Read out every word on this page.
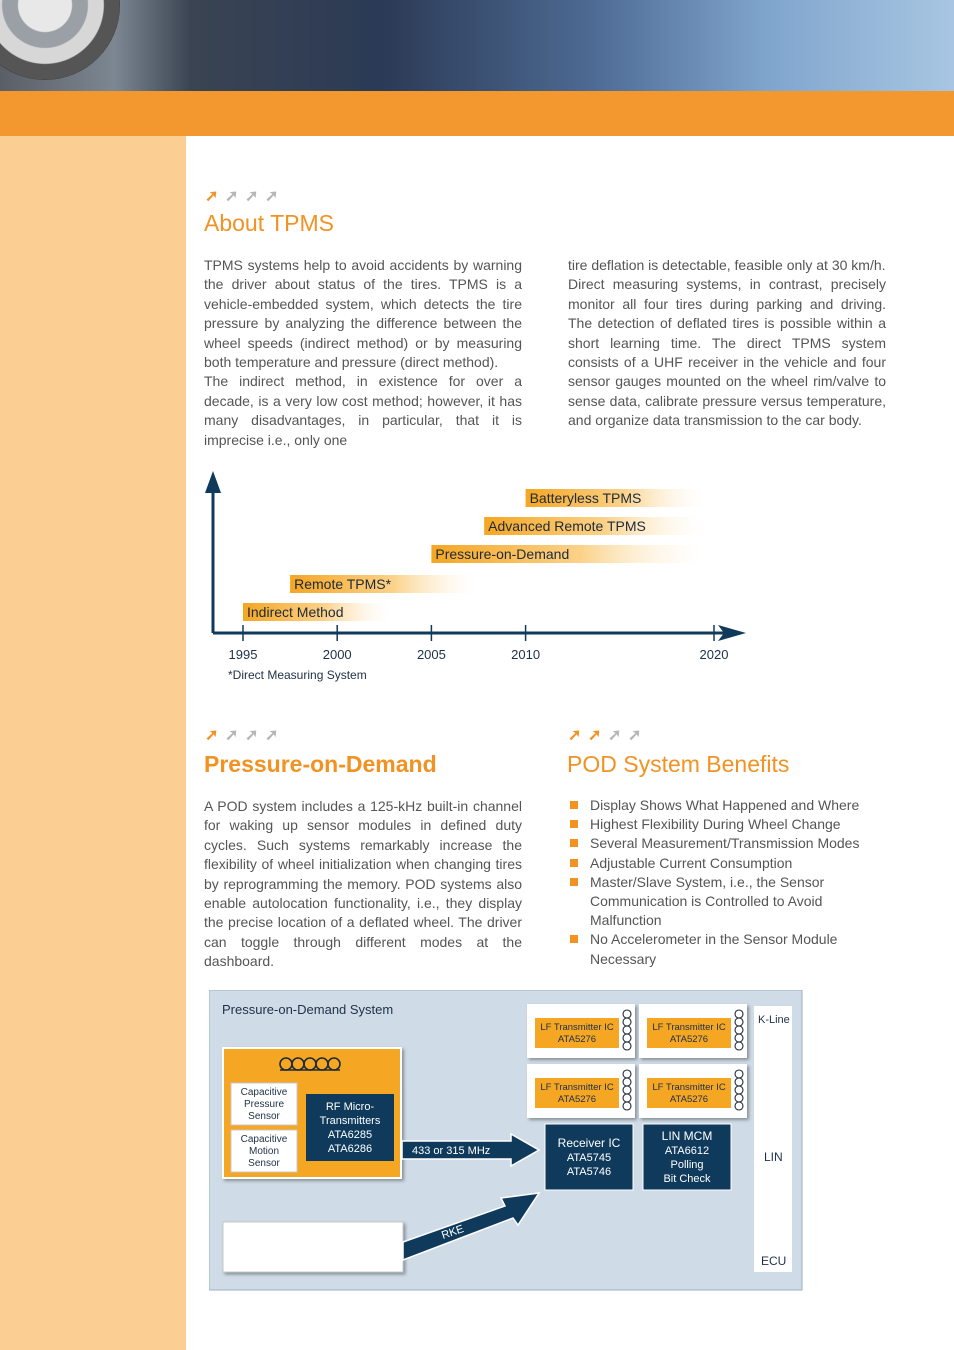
➚ ➚ ➚ ➚
About TPMS

TPMS systems help to avoid accidents by warning the driver about status of the tires. TPMS is a vehicle-embedded system, which detects the tire pressure by analyzing the difference between the wheel speeds (indirect method) or by measuring both temperature and pressure (direct method).

The indirect method, in existence for over a decade, is a very low cost method; however, it has many disadvantages, in particular, that it is imprecise i.e., only one

tire deflation is detectable, feasible only at 30 km/h.

Direct measuring systems, in contrast, precisely monitor all four tires during parking and driving. The detection of deflated tires is possible within a short learning time. The direct TPMS system consists of a UHF receiver in the vehicle and four sensor gauges mounted on the wheel rim/valve to sense data, calibrate pressure versus temperature, and organize data transmission to the car body.

Indirect Method
Remote TPMS*
Pressure-on-Demand
Advanced Remote TPMS
Batteryless TPMS
1995	2000	2005	2010	2020
*Direct Measuring System
➚ ➚ ➚ ➚
Pressure-on-Demand
A POD system includes a 125-kHz built-in channel for waking up sensor modules in defined duty cycles. Such systems remarkably increase the flexibility of wheel initialization when changing tires by reprogramming the memory. POD systems also enable autolocation functionality, i.e., they display the precise location of a deflated wheel. The driver can toggle through different modes at the dashboard.
➚ ➚ ➚ ➚
POD System Benefits
Display Shows What Happened and Where
Highest Flexibility During Wheel Change
Several Measurement/Transmission Modes
Adjustable Current Consumption
Master/Slave System, i.e., the Sensor Communication is Controlled to Avoid Malfunction
No Accelerometer in the Sensor Module Necessary
Pressure-on-Demand System
K-Line
LIN
ECU
Capacitive
Pressure
Sensor
Capacitive
Motion
Sensor
RF Micro-
Transmitters
ATA6285
ATA6286	433 or 315 MHz
RKE
LF Transmitter IC
ATA5276
LF Transmitter IC
ATA5276
LF Transmitter IC
ATA5276
LF Transmitter IC
ATA5276
Receiver IC
ATA5745
ATA5746
LIN MCM
ATA6612
Polling
Bit Check
